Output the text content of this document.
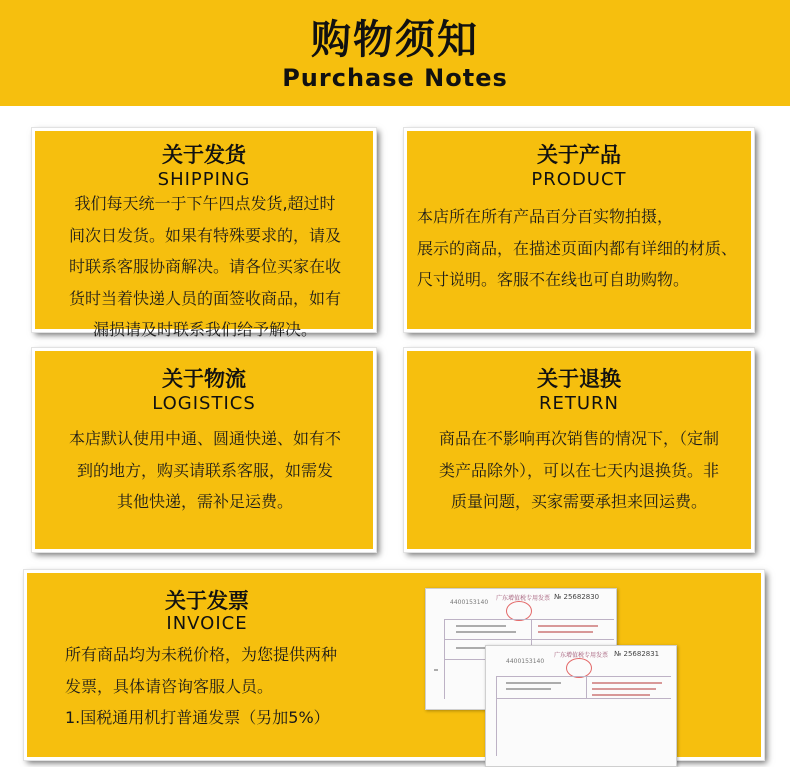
购物须知
Purchase Notes
关于发货
SHIPPING
我们每天统一于下午四点发货,超过时
间次日发货。如果有特殊要求的，请及
时联系客服协商解决。请各位买家在收
货时当着快递人员的面签收商品，如有
漏损请及时联系我们给予解决。
关于产品
PRODUCT
本店所在所有产品百分百实物拍摄，
展示的商品，在描述页面内都有详细的材质、
尺寸说明。客服不在线也可自助购物。
关于物流
LOGISTICS
本店默认使用中通、圆通快递、如有不
到的地方，购买请联系客服，如需发
其他快递，需补足运费。
关于退换
RETURN
商品在不影响再次销售的情况下，（定制
类产品除外），可以在七天内退换货。非
质量问题，买家需要承担来回运费。
关于发票
INVOICE
所有商品均为未税价格，为您提供两种
发票，具体请咨询客服人员。
1.国税通用机打普通发票（另加5%）
4400153140
广东增值税专用发票 № 25682830
4400153140
广东增值税专用发票 № 25682831
